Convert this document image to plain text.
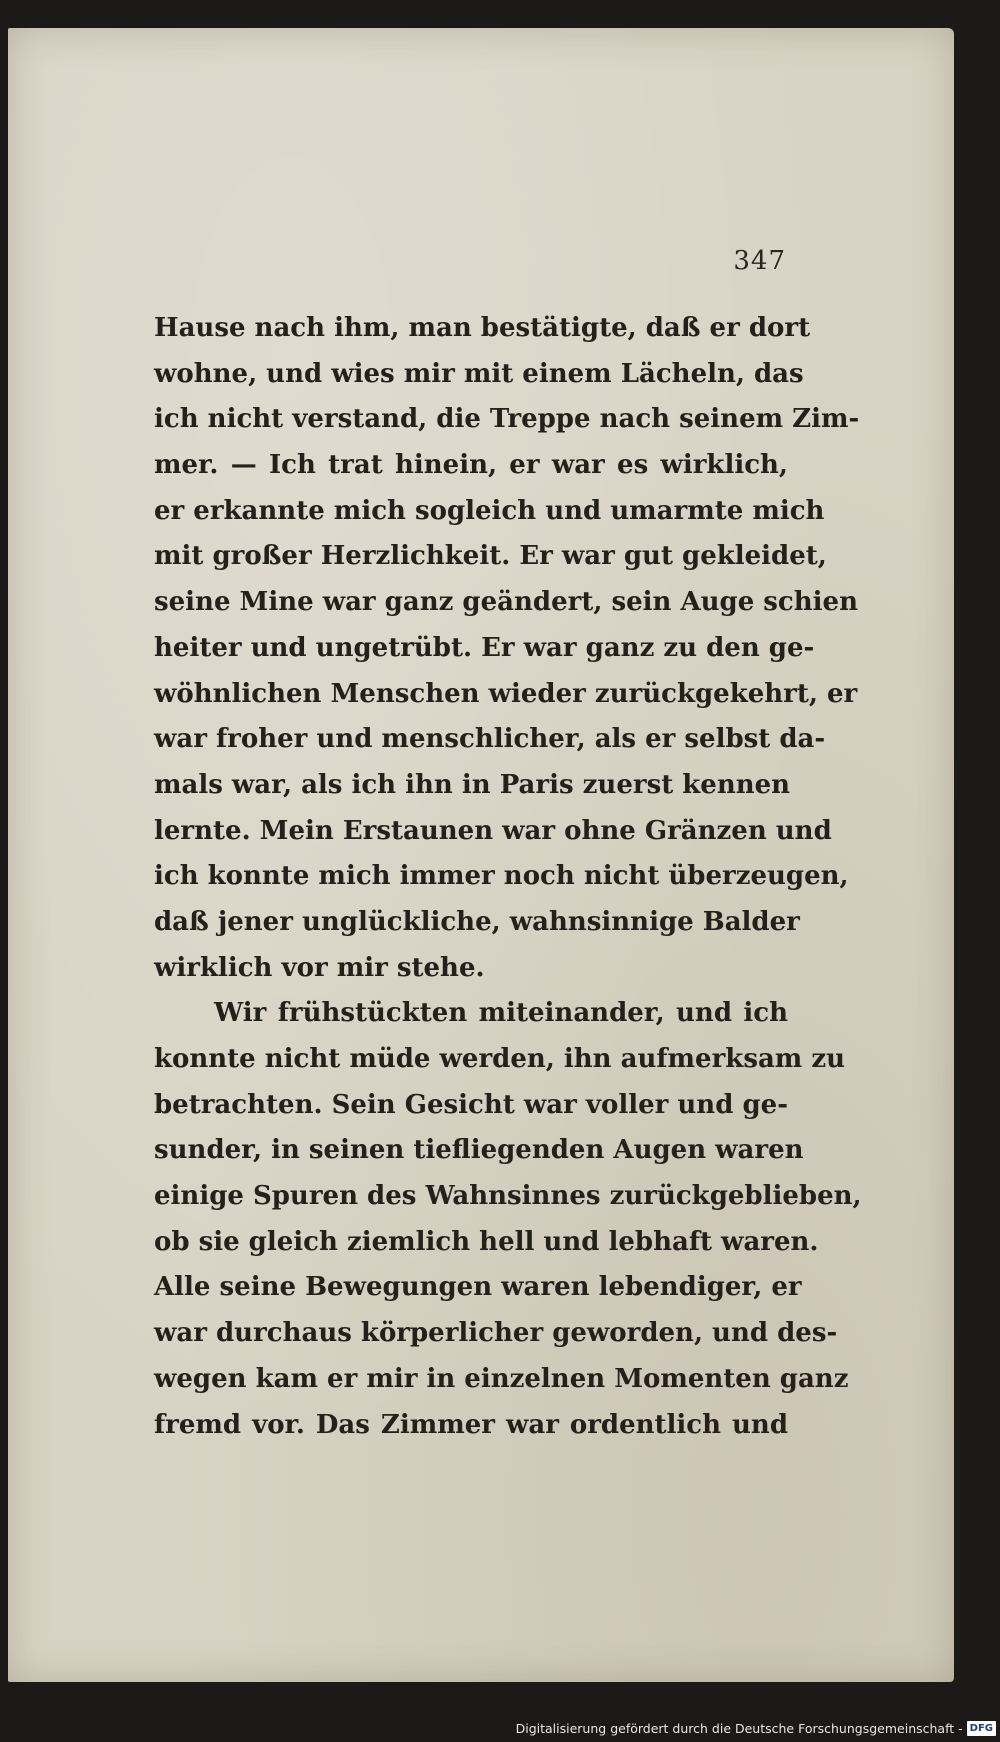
347
Hause nach ihm, man bestätigte, daß er dort
wohne, und wies mir mit einem Lächeln, das
ich nicht verstand, die Treppe nach seinem Zim-
mer. — Ich trat hinein, er war es wirklich,
er erkannte mich sogleich und umarmte mich
mit großer Herzlichkeit. Er war gut gekleidet,
seine Mine war ganz geändert, sein Auge schien
heiter und ungetrübt. Er war ganz zu den ge-
wöhnlichen Menschen wieder zurückgekehrt, er
war froher und menschlicher, als er selbst da-
mals war, als ich ihn in Paris zuerst kennen
lernte. Mein Erstaunen war ohne Gränzen und
ich konnte mich immer noch nicht überzeugen,
daß jener unglückliche, wahnsinnige Balder
wirklich vor mir stehe.
Wir frühstückten miteinander, und ich
konnte nicht müde werden, ihn aufmerksam zu
betrachten. Sein Gesicht war voller und ge-
sunder, in seinen tiefliegenden Augen waren
einige Spuren des Wahnsinnes zurückgeblieben,
ob sie gleich ziemlich hell und lebhaft waren.
Alle seine Bewegungen waren lebendiger, er
war durchaus körperlicher geworden, und des-
wegen kam er mir in einzelnen Momenten ganz
fremd vor. Das Zimmer war ordentlich und
Digitalisierung gefördert durch die Deutsche Forschungsgemeinschaft - DFG
